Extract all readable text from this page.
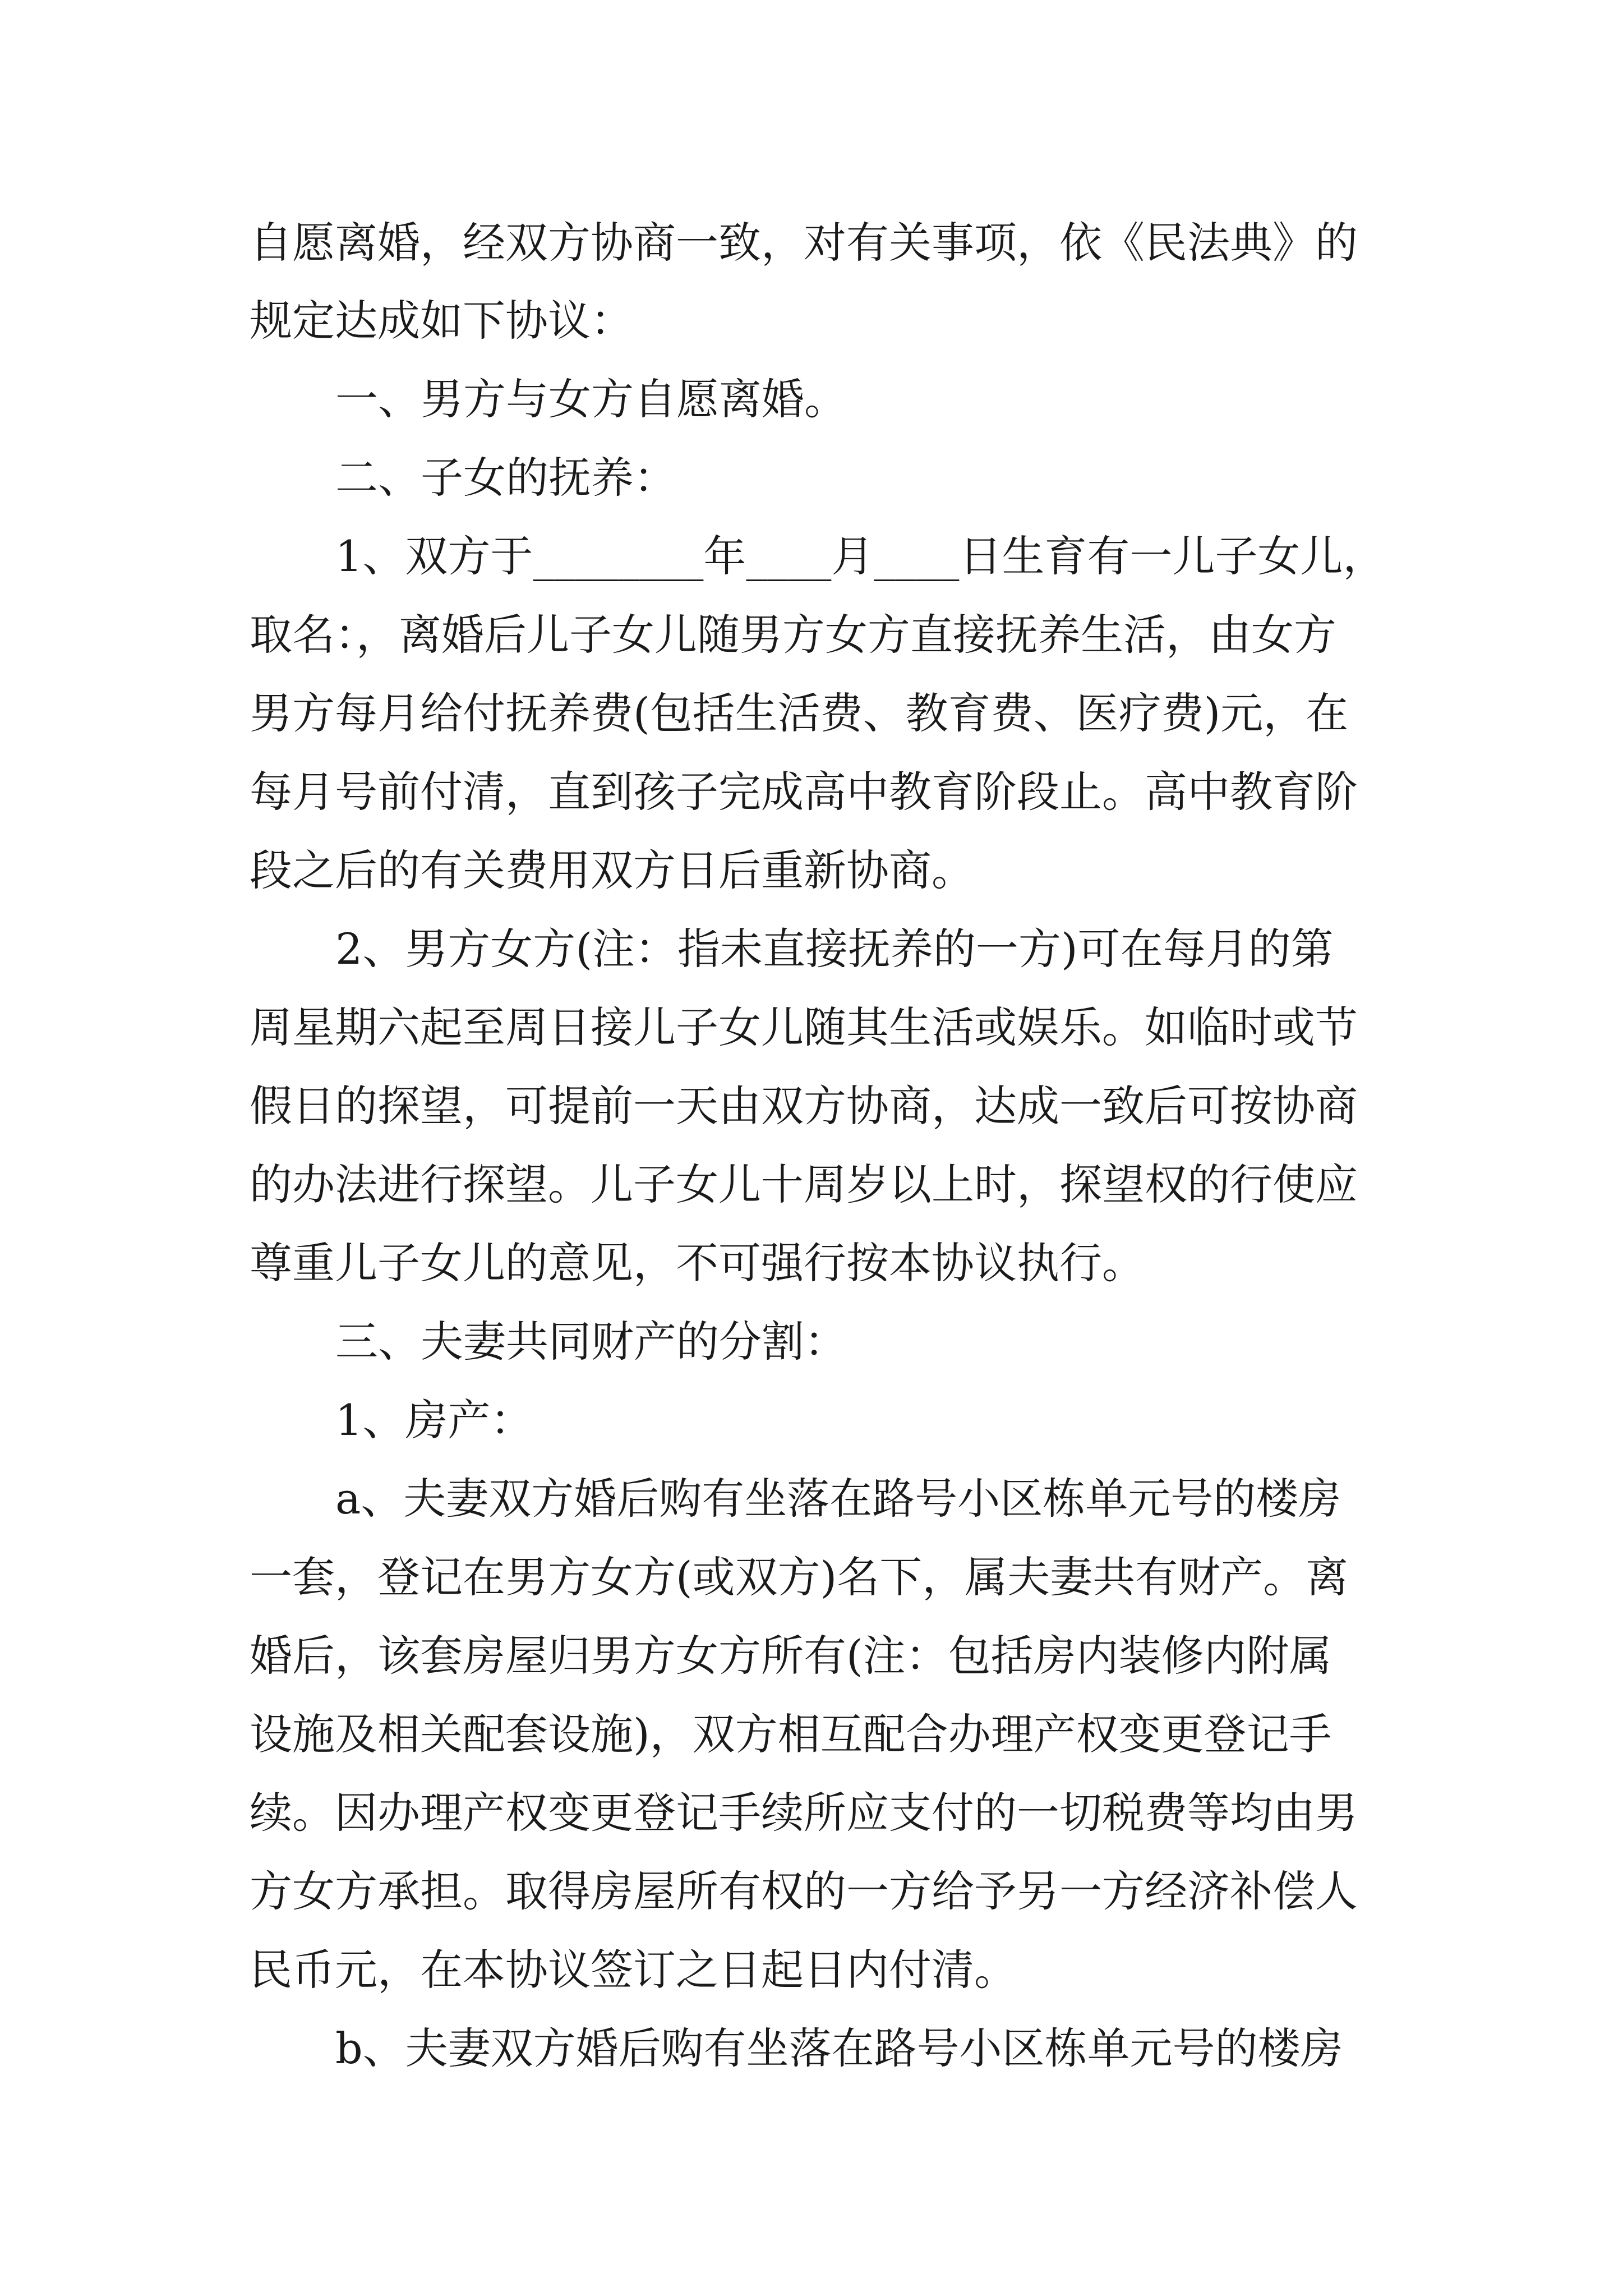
自愿离婚，经双方协商一致，对有关事项，依《民法典》的

规定达成如下协议：

一、男方与女方自愿离婚。

二、子女的抚养：

1、双方于________年____月____日生育有一儿子女儿，

取名：，离婚后儿子女儿随男方女方直接抚养生活，由女方

男方每月给付抚养费(包括生活费、教育费、医疗费)元，在

每月号前付清，直到孩子完成高中教育阶段止。高中教育阶

段之后的有关费用双方日后重新协商。

2、男方女方(注：指未直接抚养的一方)可在每月的第

周星期六起至周日接儿子女儿随其生活或娱乐。如临时或节

假日的探望，可提前一天由双方协商，达成一致后可按协商

的办法进行探望。儿子女儿十周岁以上时，探望权的行使应

尊重儿子女儿的意见，不可强行按本协议执行。

三、夫妻共同财产的分割：

1、房产：

a、夫妻双方婚后购有坐落在路号小区栋单元号的楼房

一套，登记在男方女方(或双方)名下，属夫妻共有财产。离

婚后，该套房屋归男方女方所有(注：包括房内装修内附属

设施及相关配套设施)，双方相互配合办理产权变更登记手

续。因办理产权变更登记手续所应支付的一切税费等均由男

方女方承担。取得房屋所有权的一方给予另一方经济补偿人

民币元，在本协议签订之日起日内付清。

b、夫妻双方婚后购有坐落在路号小区栋单元号的楼房
